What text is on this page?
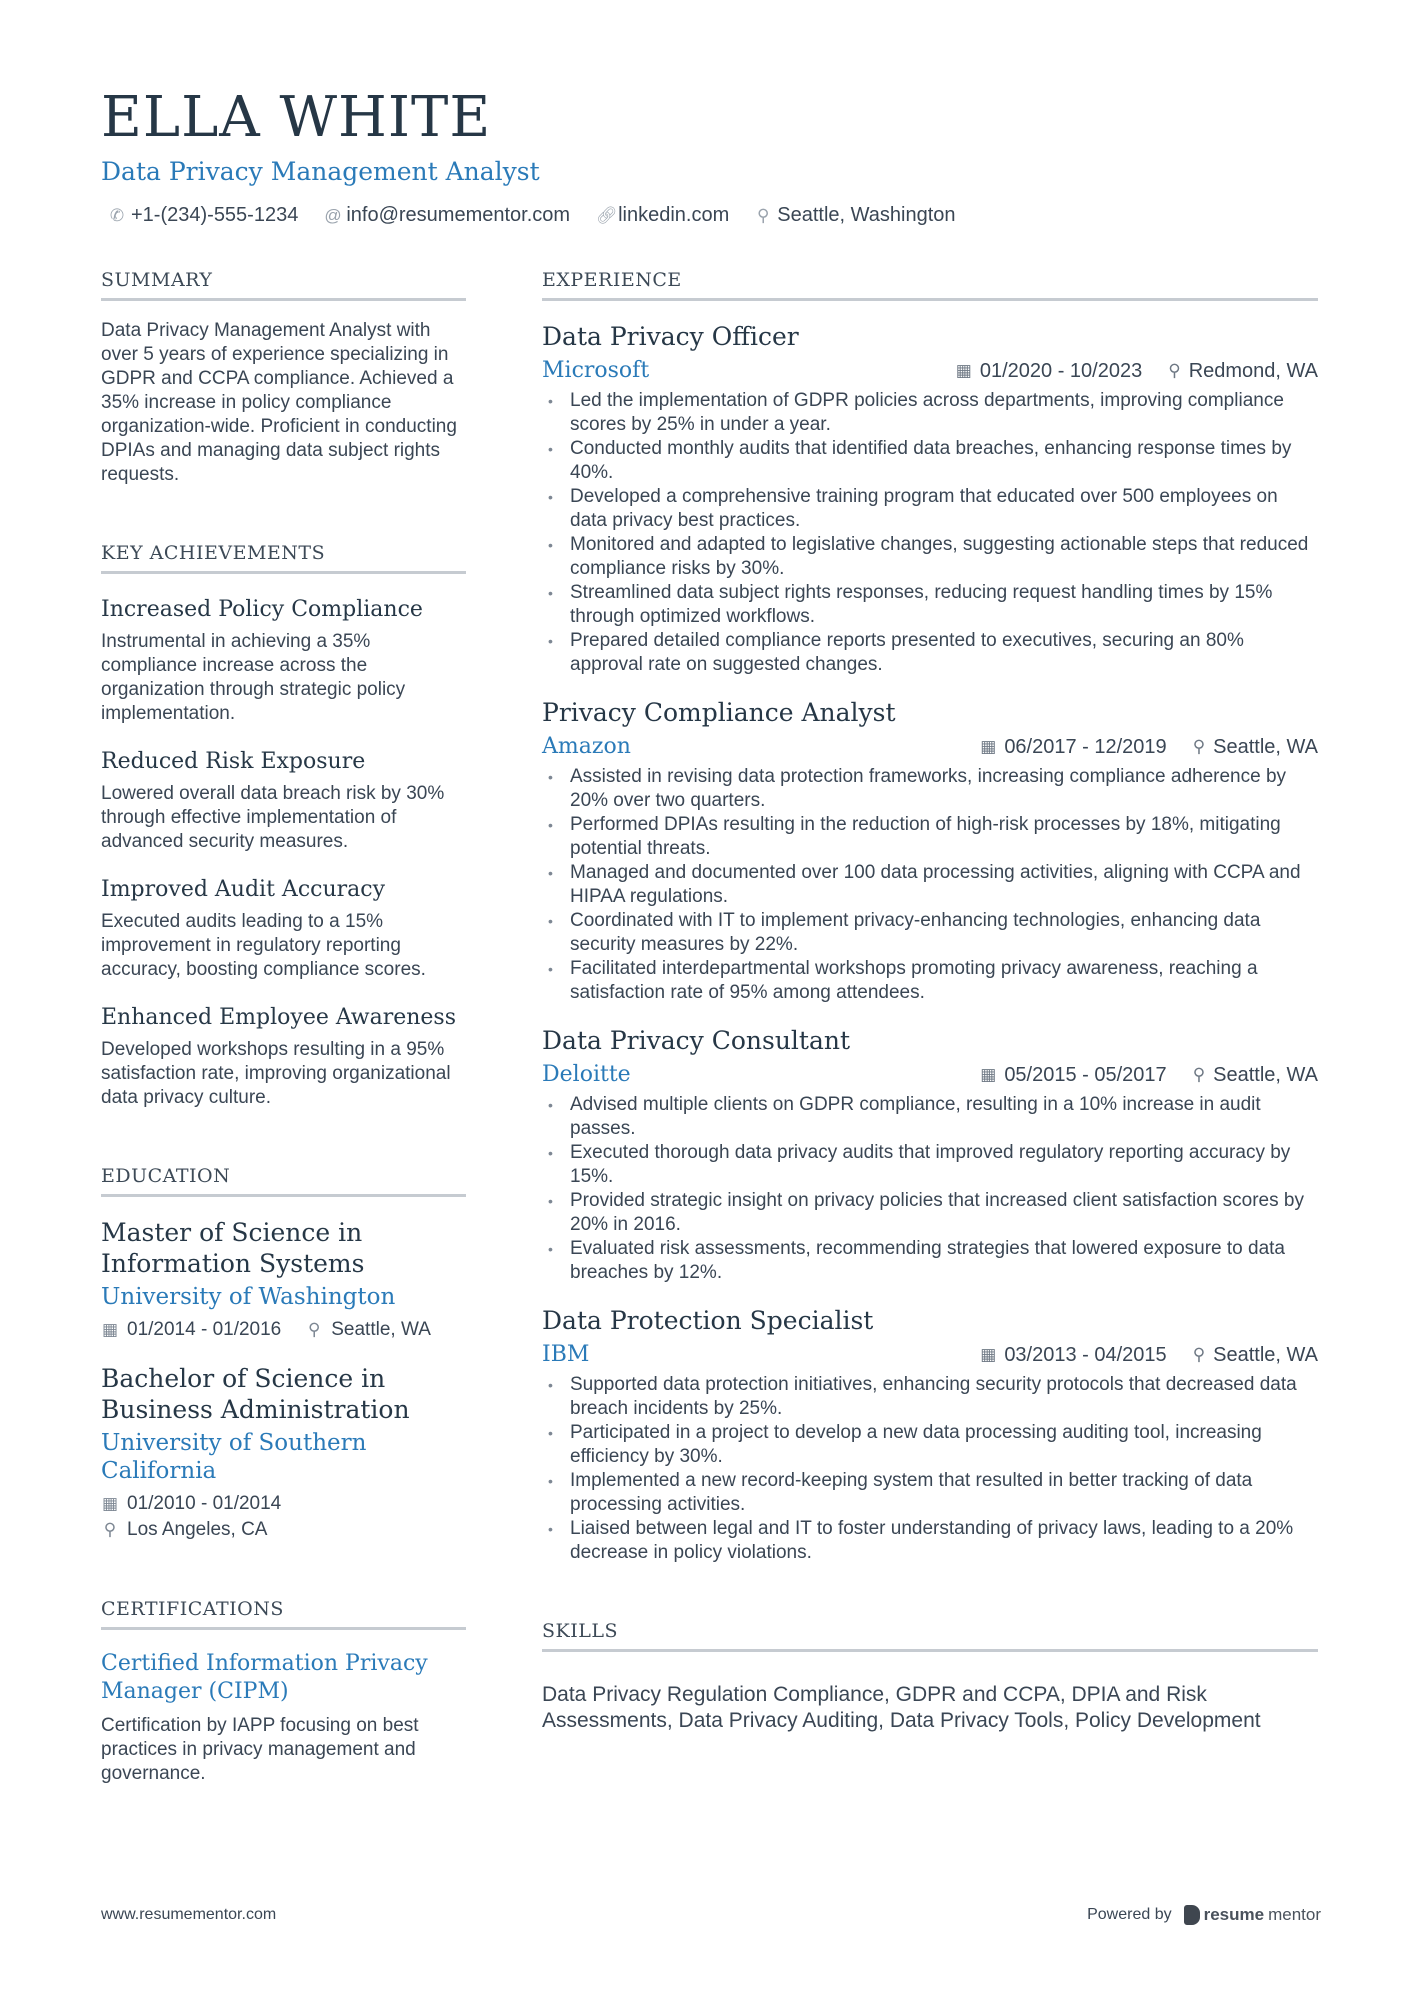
ELLA WHITE
Data Privacy Management Analyst
✆ +1-(234)-555-1234 @ info@resumementor.com 🔗︎ linkedin.com ⚲ Seattle, Washington
SUMMARY
Data Privacy Management Analyst with over 5 years of experience specializing in GDPR and CCPA compliance. Achieved a 35% increase in policy compliance organization-wide. Proficient in conducting DPIAs and managing data subject rights requests.
KEY ACHIEVEMENTS
Increased Policy Compliance
Instrumental in achieving a 35% compliance increase across the organization through strategic policy implementation.
Reduced Risk Exposure
Lowered overall data breach risk by 30% through effective implementation of advanced security measures.
Improved Audit Accuracy
Executed audits leading to a 15% improvement in regulatory reporting accuracy, boosting compliance scores.
Enhanced Employee Awareness
Developed workshops resulting in a 95% satisfaction rate, improving organizational data privacy culture.
EDUCATION
Master of Science in Information Systems
University of Washington
▦ 01/2014 - 01/2016 ⚲ Seattle, WA
Bachelor of Science in Business Administration
University of Southern California
▦ 01/2010 - 01/2014
⚲ Los Angeles, CA
CERTIFICATIONS
Certified Information Privacy Manager (CIPM)
Certification by IAPP focusing on best practices in privacy management and governance.
EXPERIENCE
Data Privacy Officer
Microsoft	▦ 01/2020 - 10/2023 ⚲ Redmond, WA
• Led the implementation of GDPR policies across departments, improving compliance scores by 25% in under a year.
• Conducted monthly audits that identified data breaches, enhancing response times by 40%.
• Developed a comprehensive training program that educated over 500 employees on data privacy best practices.
• Monitored and adapted to legislative changes, suggesting actionable steps that reduced compliance risks by 30%.
• Streamlined data subject rights responses, reducing request handling times by 15% through optimized workflows.
• Prepared detailed compliance reports presented to executives, securing an 80% approval rate on suggested changes.
Privacy Compliance Analyst
Amazon	▦ 06/2017 - 12/2019 ⚲ Seattle, WA
• Assisted in revising data protection frameworks, increasing compliance adherence by 20% over two quarters.
• Performed DPIAs resulting in the reduction of high-risk processes by 18%, mitigating potential threats.
• Managed and documented over 100 data processing activities, aligning with CCPA and HIPAA regulations.
• Coordinated with IT to implement privacy-enhancing technologies, enhancing data security measures by 22%.
• Facilitated interdepartmental workshops promoting privacy awareness, reaching a satisfaction rate of 95% among attendees.
Data Privacy Consultant
Deloitte	▦ 05/2015 - 05/2017 ⚲ Seattle, WA
• Advised multiple clients on GDPR compliance, resulting in a 10% increase in audit passes.
• Executed thorough data privacy audits that improved regulatory reporting accuracy by 15%.
• Provided strategic insight on privacy policies that increased client satisfaction scores by 20% in 2016.
• Evaluated risk assessments, recommending strategies that lowered exposure to data breaches by 12%.
Data Protection Specialist
IBM	▦ 03/2013 - 04/2015 ⚲ Seattle, WA
• Supported data protection initiatives, enhancing security protocols that decreased data breach incidents by 25%.
• Participated in a project to develop a new data processing auditing tool, increasing efficiency by 30%.
• Implemented a new record-keeping system that resulted in better tracking of data processing activities.
• Liaised between legal and IT to foster understanding of privacy laws, leading to a 20% decrease in policy violations.
SKILLS
Data Privacy Regulation Compliance, GDPR and CCPA, DPIA and Risk Assessments, Data Privacy Auditing, Data Privacy Tools, Policy Development
www.resumementor.com	Powered by resume mentor
